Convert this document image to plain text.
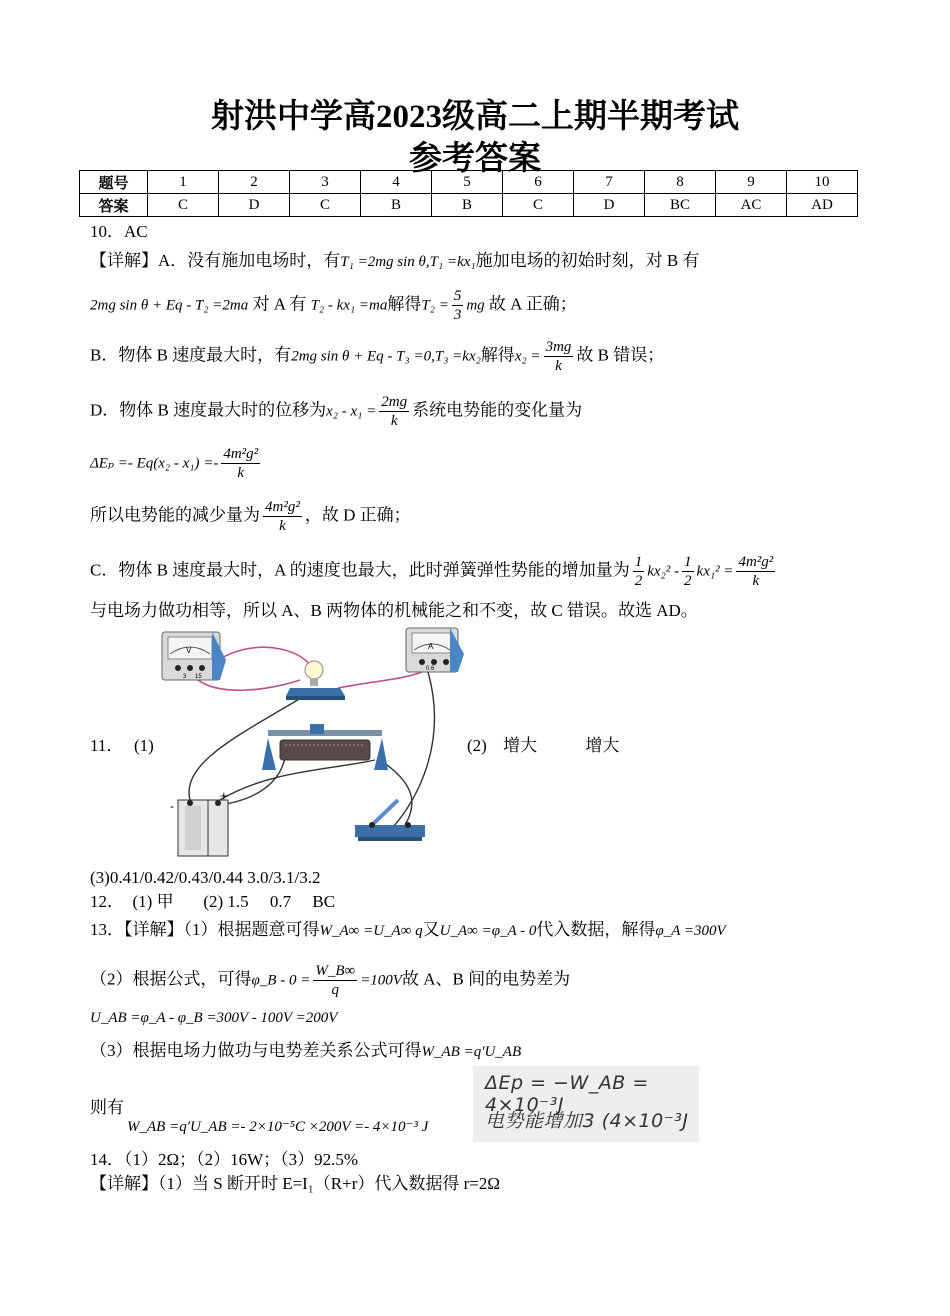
射洪中学高2023级高二上期半期考试
参考答案
题号	1	2	3	4	5	6	7	8	9	10
答案	C	D	C	B	B	C	D	BC	AC	AD
10．AC
【详解】A．没有施加电场时，有T₁ =2mg sin θ,T₁ =kx₁施加电场的初始时刻，对 B 有
2mg sin θ + Eq - T₂ =2ma 对 A 有 T₂ - kx₁ =ma解得$T_2 = \frac{5}{3}$ mg 故 A 正确；
B．物体 B 速度最大时，有2mg sin θ + Eq - T₃ =0,T₃ =kx₂解得$x_2 = \frac{3mg}{k}$ 故 B 错误；
D．物体 B 速度最大时的位移为$x_2 - x_1 = \frac{2mg}{k}$ 系统电势能的变化量为
$\Delta E_p =- Eq(x_2 - x_1) =- \frac{\text{4m²g²}}{k}$
所以电势能的减少量为 $\frac{\text{4m²g²}}{k}$ ，故 D 正确；
C．物体 B 速度最大时，A 的速度也最大，此时弹簧弹性势能的增加量为 $\frac{1}{2} kx_2^2 - \frac{1}{2} kx_1^2 = \frac{\text{4m²g²}}{k}$
与电场力做功相等，所以 A、B 两物体的机械能之和不变，故 C 错误。故选 AD。
11． (1)	(2) 增大	增大
V
3 15
A
0.6
-
+
(3)0.41/0.42/0.43/0.44 3.0/3.1/3.2
12．  (1) 甲       (2) 1.5     0.7     BC
13．【详解】（1）根据题意可得W_A∞ =U_A∞ q又U_A∞ =φ_A - 0代入数据，解得φ_A =300V
（2）根据公式，可得φ_B - $0 = \frac{W\_B\infty}{q} =100V$故 A、B 间的电势差为
U_AB =φ_A - φ_B =300V - 100V =200V
（3）根据电场力做功与电势差关系公式可得W_AB =q′U_AB
则有
W_AB =q′U_AB =- 2×10⁻⁵C ×200V =- 4×10⁻³ J
ΔEp = −W_AB = 4×10⁻³J
电势能增加3 (4×10⁻³J
14．（1）2Ω；（2）16W；（3）92.5%
【详解】（1）当 S 断开时 E=I₁（R+r）代入数据得 r=2Ω
